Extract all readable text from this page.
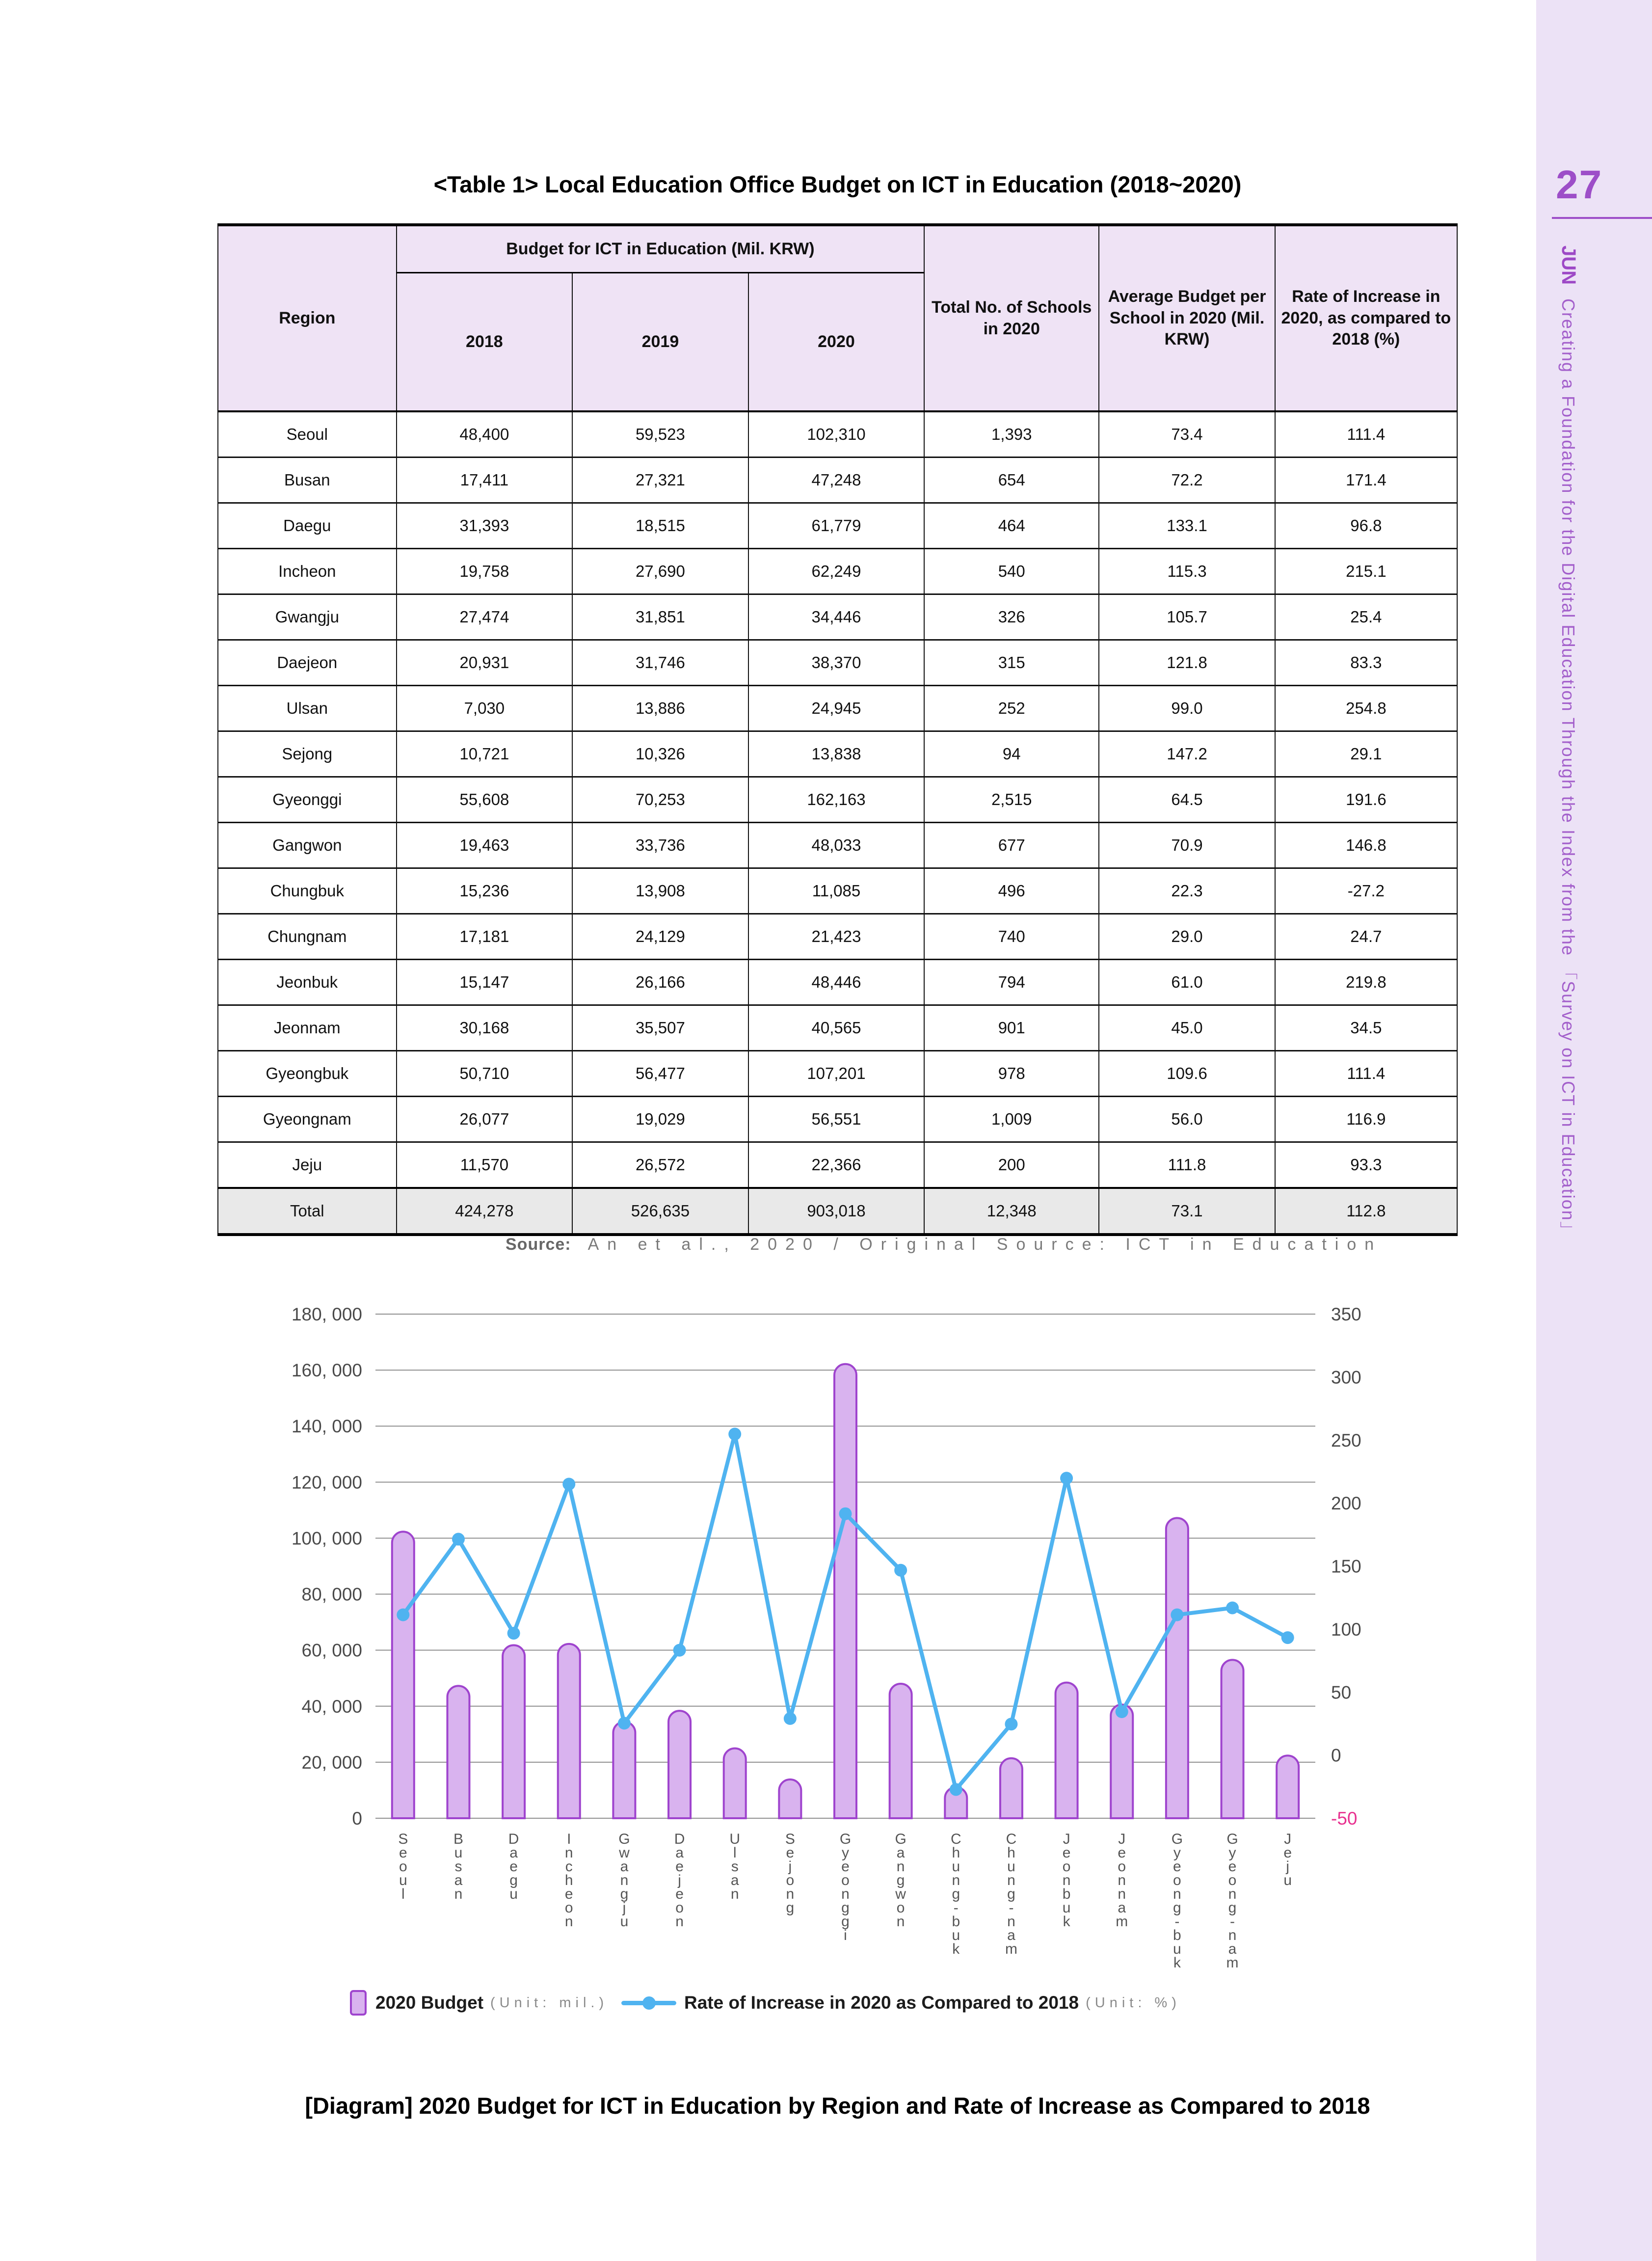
27
JUNCreating a Foundation for the Digital Education Through the Index from the 「Survey on ICT in Education」
<Table 1> Local Education Office Budget on ICT in Education (2018~2020)
Region	Budget for ICT in Education (Mil. KRW)			Total No. of Schools in 2020	Average Budget per School in 2020 (Mil. KRW)	Rate of Increase in 2020, as compared to 2018 (%)
	2018	2019	2020			
Seoul	48,400	59,523	102,310	1,393	73.4	111.4
Busan	17,411	27,321	47,248	654	72.2	171.4
Daegu	31,393	18,515	61,779	464	133.1	96.8
Incheon	19,758	27,690	62,249	540	115.3	215.1
Gwangju	27,474	31,851	34,446	326	105.7	25.4
Daejeon	20,931	31,746	38,370	315	121.8	83.3
Ulsan	7,030	13,886	24,945	252	99.0	254.8
Sejong	10,721	10,326	13,838	94	147.2	29.1
Gyeonggi	55,608	70,253	162,163	2,515	64.5	191.6
Gangwon	19,463	33,736	48,033	677	70.9	146.8
Chungbuk	15,236	13,908	11,085	496	22.3	-27.2
Chungnam	17,181	24,129	21,423	740	29.0	24.7
Jeonbuk	15,147	26,166	48,446	794	61.0	219.8
Jeonnam	30,168	35,507	40,565	901	45.0	34.5
Gyeongbuk	50,710	56,477	107,201	978	109.6	111.4
Gyeongnam	26,077	19,029	56,551	1,009	56.0	116.9
Jeju	11,570	26,572	22,366	200	111.8	93.3
Total	424,278	526,635	903,018	12,348	73.1	112.8
Source: An et al., 2020 / Original Source: ICT in Education
0
20, 000
40, 000
60, 000
80, 000
100, 000
120, 000
140, 000
160, 000
180, 000
-50
0
50
100
150
200
250
300
350
S e o u l
B u s a n
D a e g u
I n c h e o n
G w a n g j u
D a e j e o n
U l s a n
S e j o n g
G y e o n g g i
G a n g w o n
C h u n g -b u k
C h u n g -n a m
J e o n b u k
J e o n n a m
G y e o n g -b u k
G y e o n g -n a m
J e j u
2020 Budget (Unit: mil.)	Rate of Increase in 2020 as Compared to 2018 (Unit: %)
[Diagram] 2020 Budget for ICT in Education by Region and Rate of Increase as Compared to 2018
